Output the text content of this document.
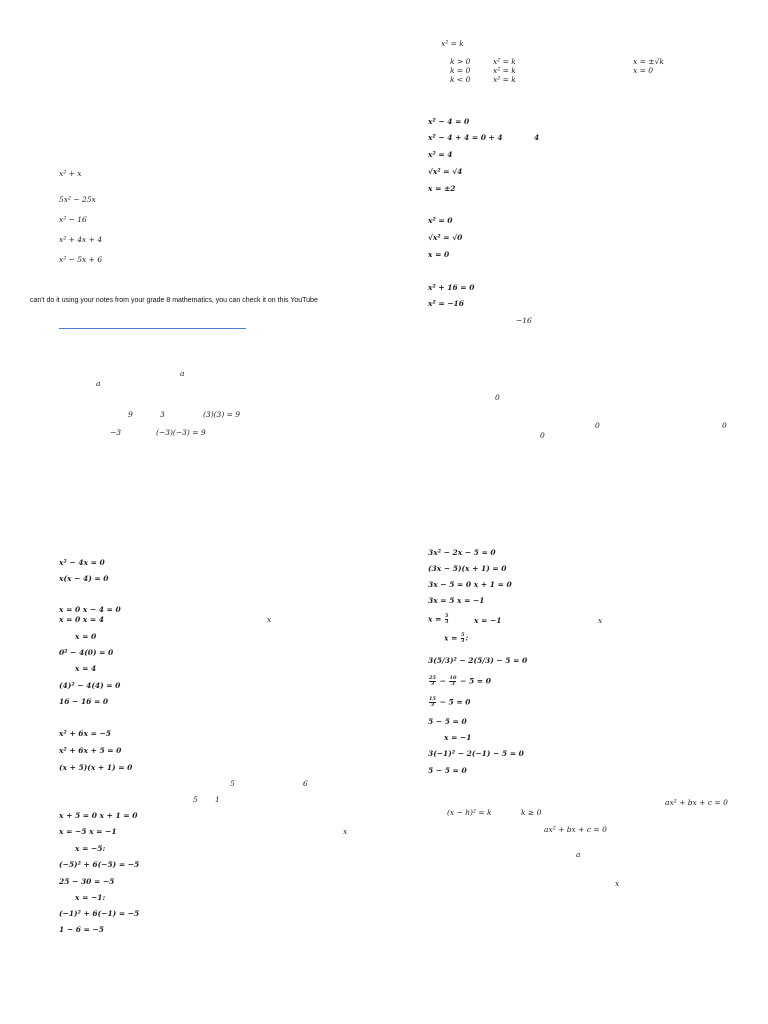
x² = k
k > 0	x² = k	x = ±√k
k = 0	x² = k	x = 0
k < 0	x² = k
x² − 4 = 0
x² − 4 + 4 = 0 + 4	4
x² = 4
√x² = √4
x = ±2
x² = 0
√x² = √0
x = 0
x² + 16 = 0
x² = −16
−16
0
0	0
0
x² + x
5x² − 25x
x² − 16
x² + 4x + 4
x² − 5x + 6
can't do it using your notes from your grade 8 mathematics, you can check it on this YouTube
a
a
9	3	(3)(3) = 9
−3	(−3)(−3) = 9
x² − 4x = 0
x(x − 4) = 0
x = 0 x − 4 = 0
x = 0 x = 4	x
x = 0
0² − 4(0) = 0
x = 4
(4)² − 4(4) = 0
16 − 16 = 0
x² + 6x = −5
x² + 6x + 5 = 0
(x + 5)(x + 1) = 0
5	6
5 1
x + 5 = 0 x + 1 = 0
x = −5 x = −1	x
x = −5:
(−5)² + 6(−5) = −5
25 − 30 = −5
x = −1:
(−1)² + 6(−1) = −5
1 − 6 = −5
3x² − 2x − 5 = 0
(3x − 5)(x + 1) = 0
3x − 5 = 0 x + 1 = 0
3x = 5 x = −1
$x = \frac{5}{3}$	x = −1	x
$x = \frac{5}{3}$ :
3(5/3)² − 2(5/3) − 5 = 0
$\frac{25}{3} - \frac{10}{3} - 5 = 0$
$\frac{15}{3} - 5 = 0$
5 − 5 = 0
x = −1
3(−1)² − 2(−1) − 5 = 0
5 − 5 = 0
ax² + bx + c = 0
(x − h)² = k	k ≥ 0
ax² + bx + c = 0
a
x
